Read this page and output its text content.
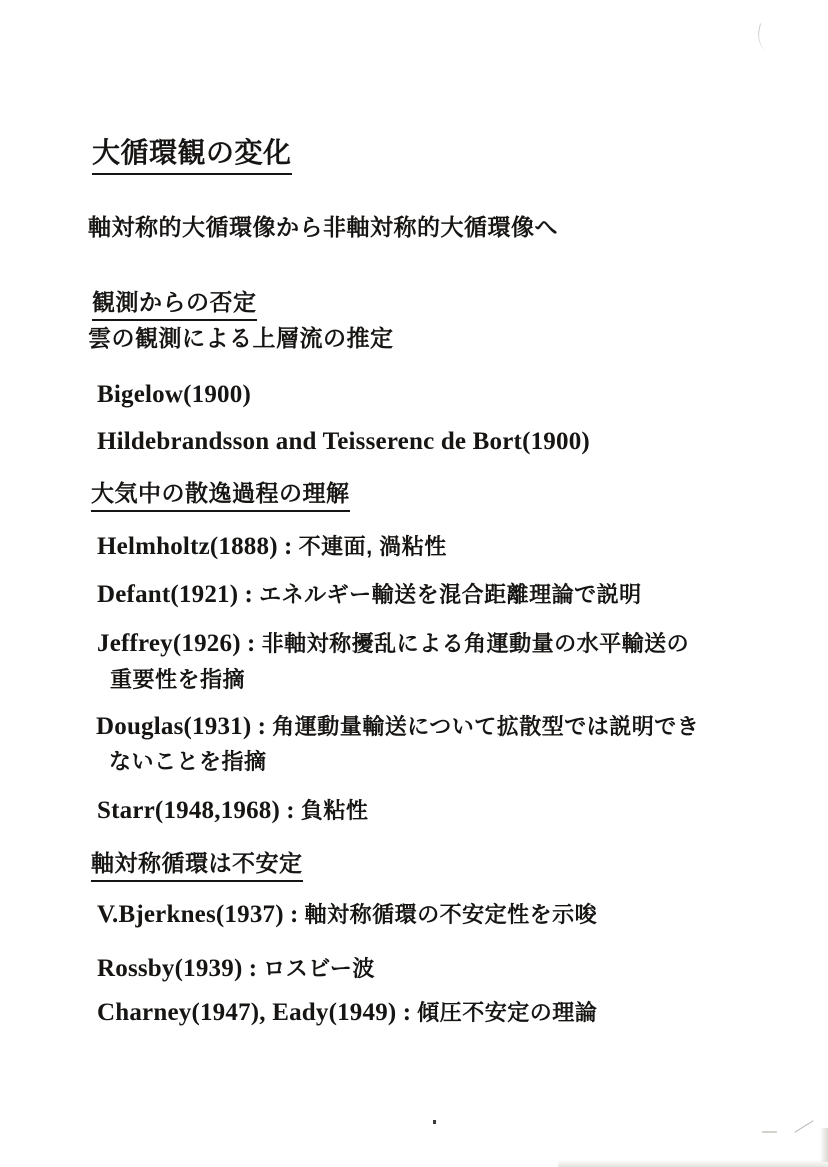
大循環観の変化
軸対称的大循環像から非軸対称的大循環像へ
観測からの否定
雲の観測による上層流の推定
Bigelow(1900)
Hildebrandsson and Teisserenc de Bort(1900)
大気中の散逸過程の理解
Helmholtz(1888) : 不連面, 渦粘性
Defant(1921) : エネルギー輸送を混合距離理論で説明
Jeffrey(1926) : 非軸対称擾乱による角運動量の水平輸送の
重要性を指摘
Douglas(1931) : 角運動量輸送について拡散型では説明でき
ないことを指摘
Starr(1948,1968) : 負粘性
軸対称循環は不安定
V.Bjerknes(1937) : 軸対称循環の不安定性を示唆
Rossby(1939) : ロスビー波
Charney(1947), Eady(1949) : 傾圧不安定の理論
